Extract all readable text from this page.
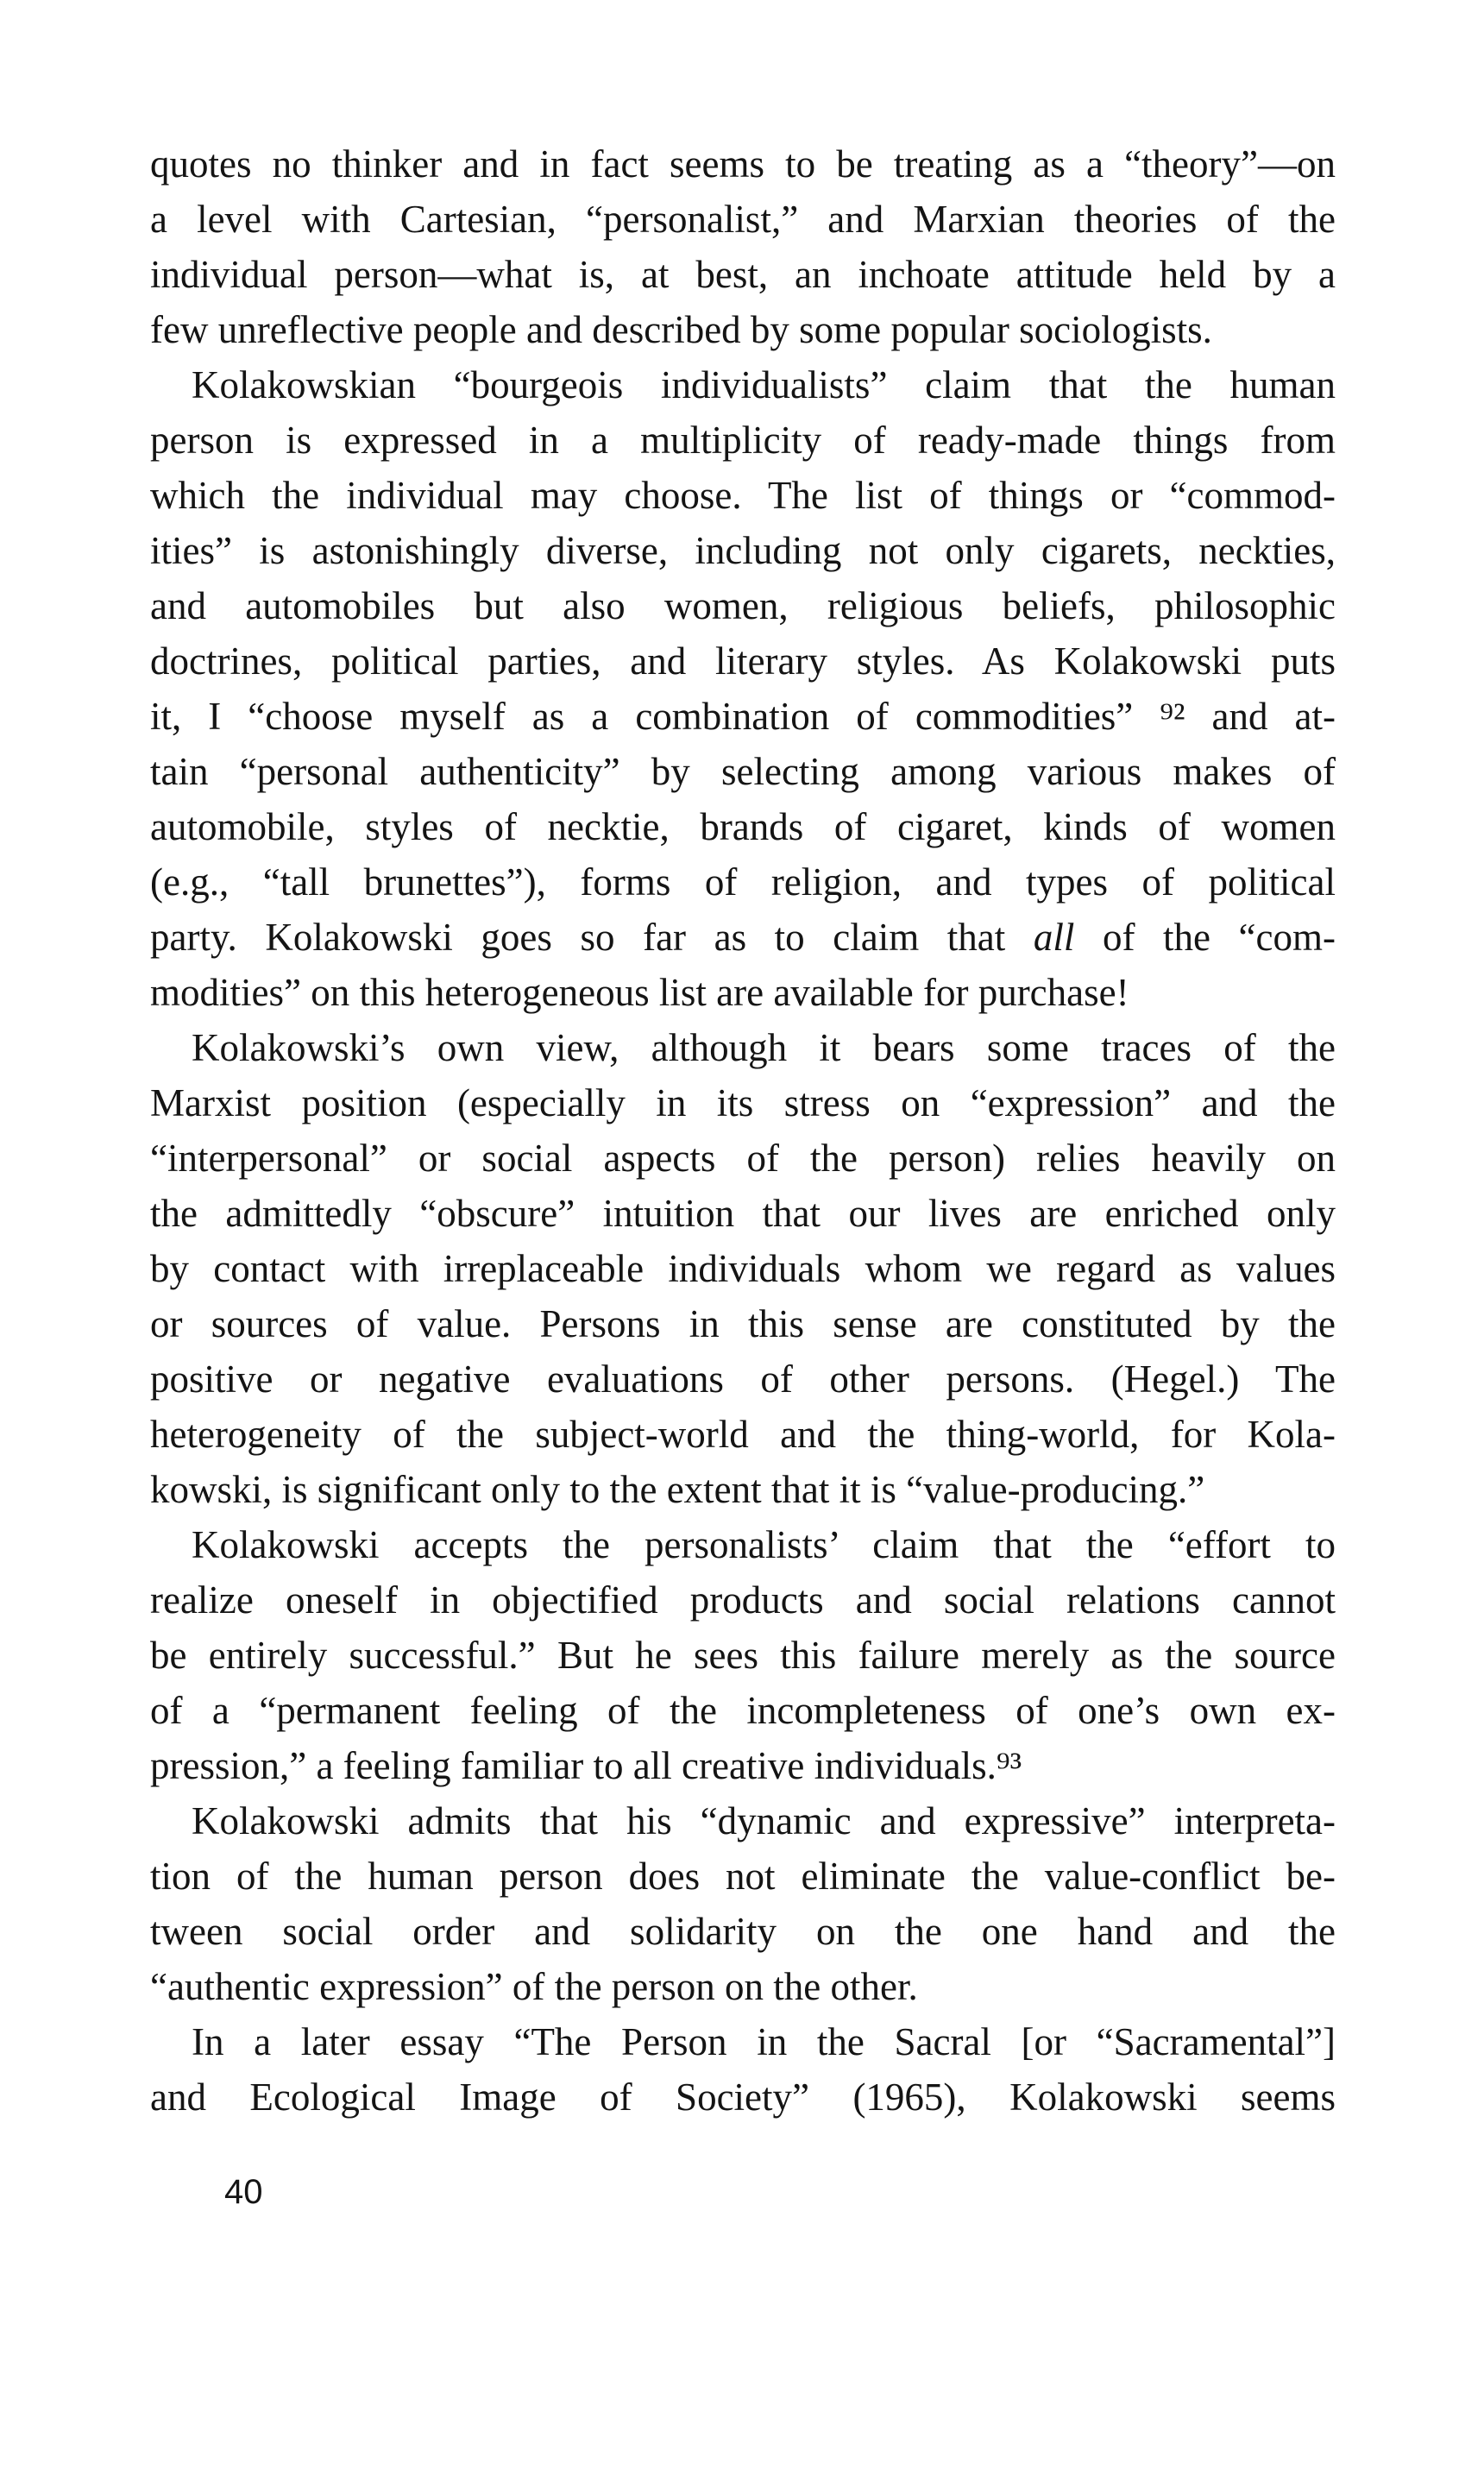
quotes no thinker and in fact seems to be treating as a “theory”—on
a level with Cartesian, “personalist,” and Marxian theories of the
individual person—what is, at best, an inchoate attitude held by a
few unreflective people and described by some popular sociologists.
Kolakowskian “bourgeois individualists” claim that the human
person is expressed in a multiplicity of ready-made things from
which the individual may choose. The list of things or “commod-
ities” is astonishingly diverse, including not only cigarets, neckties,
and automobiles but also women, religious beliefs, philosophic
doctrines, political parties, and literary styles. As Kolakowski puts
it, I “choose myself as a combination of commodities” ⁹² and at-
tain “personal authenticity” by selecting among various makes of
automobile, styles of necktie, brands of cigaret, kinds of women
(e.g., “tall brunettes”), forms of religion, and types of political
party. Kolakowski goes so far as to claim that all of the “com-
modities” on this heterogeneous list are available for purchase!
Kolakowski’s own view, although it bears some traces of the
Marxist position (especially in its stress on “expression” and the
“interpersonal” or social aspects of the person) relies heavily on
the admittedly “obscure” intuition that our lives are enriched only
by contact with irreplaceable individuals whom we regard as values
or sources of value. Persons in this sense are constituted by the
positive or negative evaluations of other persons. (Hegel.) The
heterogeneity of the subject-world and the thing-world, for Kola-
kowski, is significant only to the extent that it is “value-producing.”
Kolakowski accepts the personalists’ claim that the “effort to
realize oneself in objectified products and social relations cannot
be entirely successful.” But he sees this failure merely as the source
of a “permanent feeling of the incompleteness of one’s own ex-
pression,” a feeling familiar to all creative individuals.⁹³
Kolakowski admits that his “dynamic and expressive” interpreta-
tion of the human person does not eliminate the value-conflict be-
tween social order and solidarity on the one hand and the
“authentic expression” of the person on the other.
In a later essay “The Person in the Sacral [or “Sacramental”]
and Ecological Image of Society” (1965), Kolakowski seems
40
